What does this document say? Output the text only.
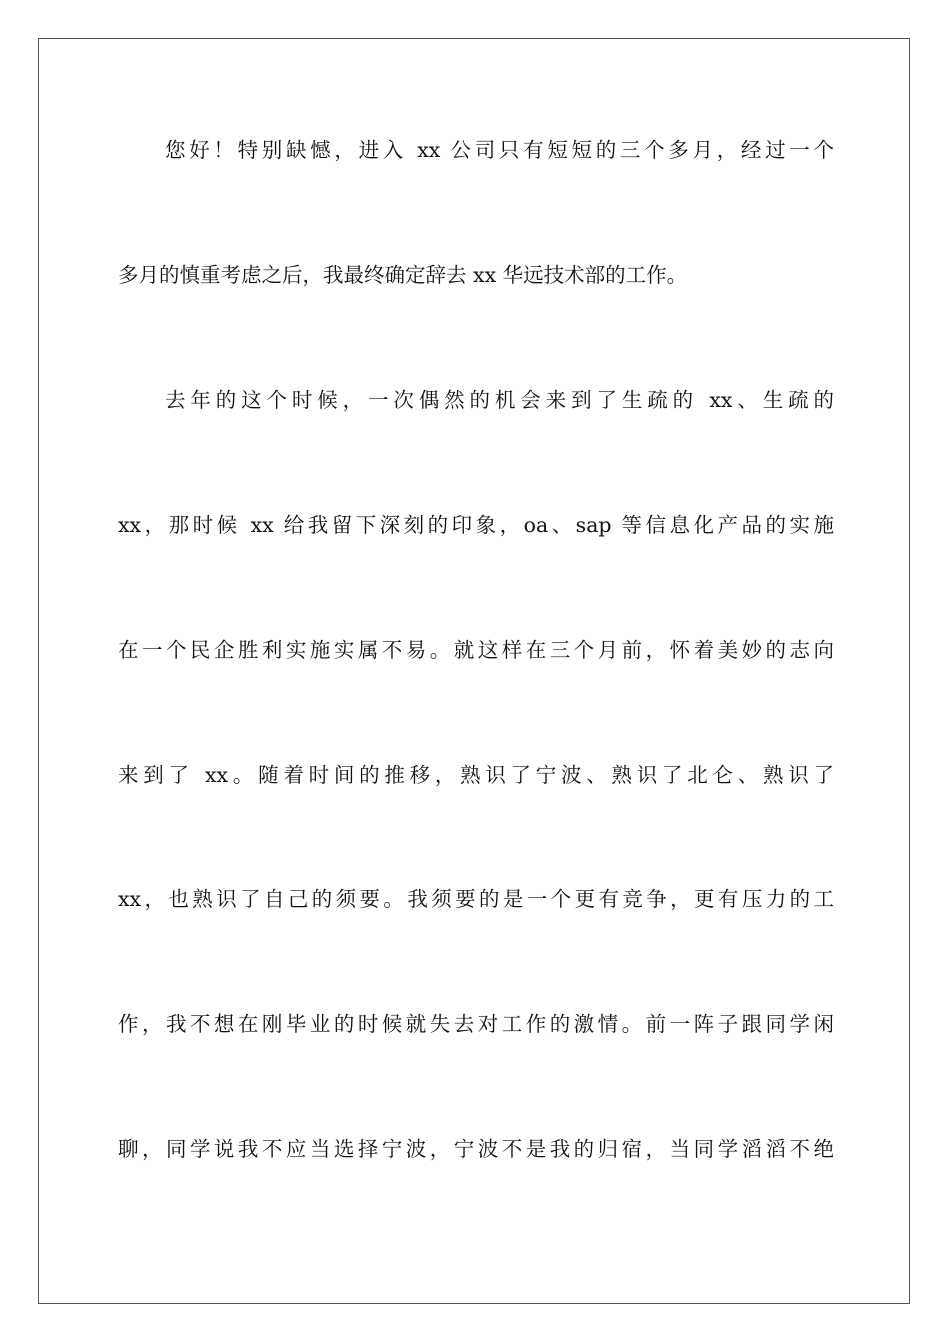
您好！特别缺憾，进入 xx 公司只有短短的三个多月，经过一个
多月的慎重考虑之后，我最终确定辞去 xx 华远技术部的工作。
去年的这个时候，一次偶然的机会来到了生疏的 xx、生疏的
xx，那时候 xx 给我留下深刻的印象，oa、sap 等信息化产品的实施
在一个民企胜利实施实属不易。就这样在三个月前，怀着美妙的志向
来到了 xx。随着时间的推移，熟识了宁波、熟识了北仑、熟识了
xx，也熟识了自己的须要。我须要的是一个更有竞争，更有压力的工
作，我不想在刚毕业的时候就失去对工作的激情。前一阵子跟同学闲
聊，同学说我不应当选择宁波，宁波不是我的归宿，当同学滔滔不绝
